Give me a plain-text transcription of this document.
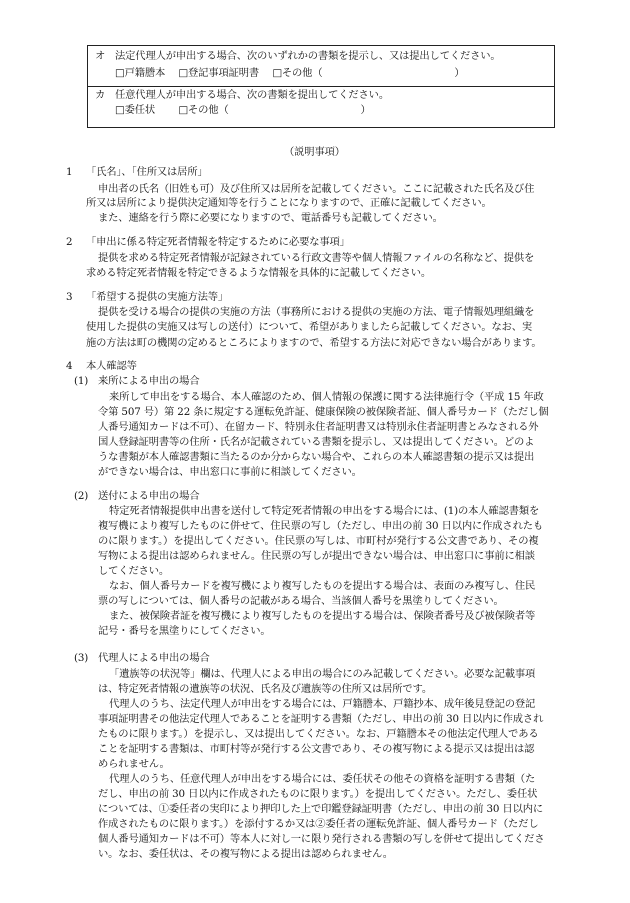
オ 法定代理人が申出する場合、次のいずれかの書類を提示し、又は提出してください。
□戸籍謄本　 □登記事項証明書　 □その他（　　　　　　　　　　　　　）
カ 任意代理人が申出する場合、次の書類を提出してください。
□委任状　　 □その他（　　　　　　　　　　　　　）
（説明事項）
1 「氏名」、「住所又は居所」
申出者の氏名（旧姓も可）及び住所又は居所を記載してください。ここに記載された氏名及び住
所又は居所により提供決定通知等を行うことになりますので、正確に記載してください。
また、連絡を行う際に必要になりますので、電話番号も記載してください。
2 「申出に係る特定死者情報を特定するために必要な事項」
提供を求める特定死者情報が記録されている行政文書等や個人情報ファイルの名称など、提供を
求める特定死者情報を特定できるような情報を具体的に記載してください。
3 「希望する提供の実施方法等」
提供を受ける場合の提供の実施の方法（事務所における提供の実施の方法、電子情報処理組織を
使用した提供の実施又は写しの送付）について、希望がありましたら記載してください。なお、実
施の方法は町の機関の定めるところによりますので、希望する方法に対応できない場合があります。
4 本人確認等
(1) 来所による申出の場合
来所して申出をする場合、本人確認のため、個人情報の保護に関する法律施行令（平成 15 年政
令第 507 号）第 22 条に規定する運転免許証、健康保険の被保険者証、個人番号カード（ただし個
人番号通知カードは不可）、在留カード、特別永住者証明書又は特別永住者証明書とみなされる外
国人登録証明書等の住所・氏名が記載されている書類を提示し、又は提出してください。どのよ
うな書類が本人確認書類に当たるのか分からない場合や、これらの本人確認書類の提示又は提出
ができない場合は、申出窓口に事前に相談してください。
(2) 送付による申出の場合
特定死者情報提供申出書を送付して特定死者情報の申出をする場合には、(1)の本人確認書類を
複写機により複写したものに併せて、住民票の写し（ただし、申出の前 30 日以内に作成されたも
のに限ります。）を提出してください。住民票の写しは、市町村が発行する公文書であり、その複
写物による提出は認められません。住民票の写しが提出できない場合は、申出窓口に事前に相談
してください。
なお、個人番号カードを複写機により複写したものを提出する場合は、表面のみ複写し、住民
票の写しについては、個人番号の記載がある場合、当該個人番号を黒塗りしてください。
また、被保険者証を複写機により複写したものを提出する場合は、保険者番号及び被保険者等
記号・番号を黒塗りにしてください。
(3) 代理人による申出の場合
「遺族等の状況等」欄は、代理人による申出の場合にのみ記載してください。必要な記載事項
は、特定死者情報の遺族等の状況、氏名及び遺族等の住所又は居所です。
代理人のうち、法定代理人が申出をする場合には、戸籍謄本、戸籍抄本、成年後見登記の登記
事項証明書その他法定代理人であることを証明する書類（ただし、申出の前 30 日以内に作成され
たものに限ります。）を提示し、又は提出してください。なお、戸籍謄本その他法定代理人である
ことを証明する書類は、市町村等が発行する公文書であり、その複写物による提示又は提出は認
められません。
代理人のうち、任意代理人が申出をする場合には、委任状その他その資格を証明する書類（た
だし、申出の前 30 日以内に作成されたものに限ります。）を提出してください。ただし、委任状
については、①委任者の実印により押印した上で印鑑登録証明書（ただし、申出の前 30 日以内に
作成されたものに限ります。）を添付するか又は②委任者の運転免許証、個人番号カード（ただし
個人番号通知カードは不可）等本人に対し一に限り発行される書類の写しを併せて提出してくださ
い。なお、委任状は、その複写物による提出は認められません。
